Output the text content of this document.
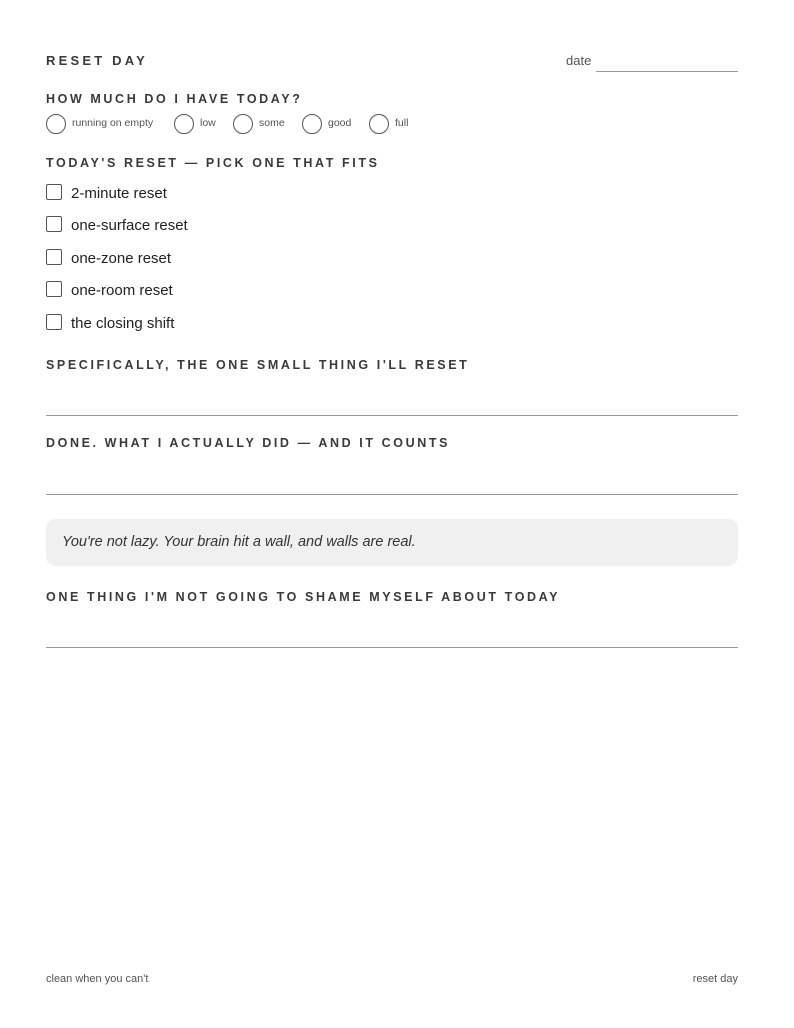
RESET DAY	date
HOW MUCH DO I HAVE TODAY?
running on empty	low	some	good	full
TODAY'S RESET — PICK ONE THAT FITS
2-minute reset
one-surface reset
one-zone reset
one-room reset
the closing shift
SPECIFICALLY, THE ONE SMALL THING I'LL RESET
DONE. WHAT I ACTUALLY DID — AND IT COUNTS
You're not lazy. Your brain hit a wall, and walls are real.
ONE THING I'M NOT GOING TO SHAME MYSELF ABOUT TODAY
clean when you can't	reset day
